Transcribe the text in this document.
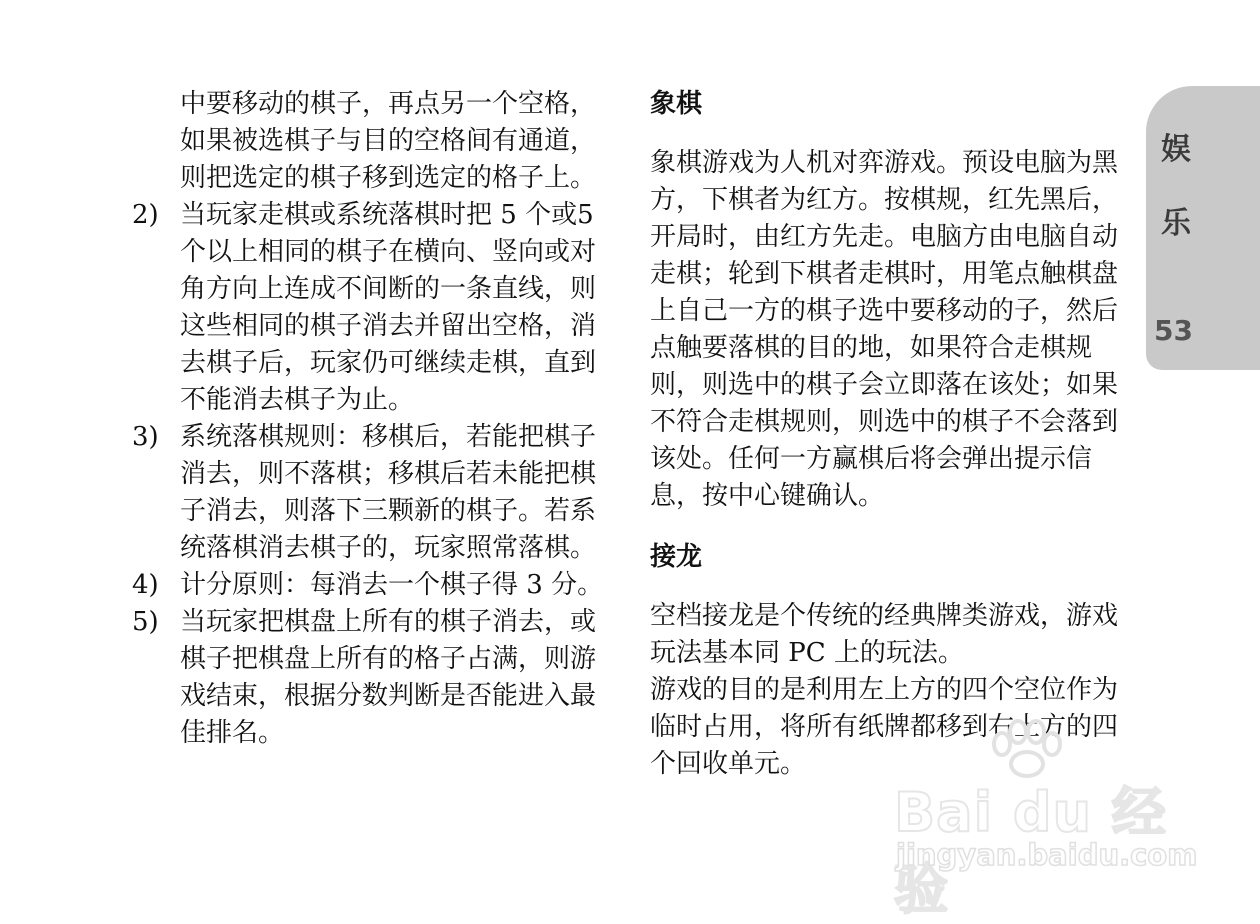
中要移动的棋子，再点另一个空格，如果被选棋子与目的空格间有通道，则把选定的棋子移到选定的格子上。
2) 当玩家走棋或系统落棋时把 5 个或5 个以上相同的棋子在横向、竖向或对角方向上连成不间断的一条直线，则这些相同的棋子消去并留出空格，消去棋子后，玩家仍可继续走棋，直到不能消去棋子为止。
3) 系统落棋规则：移棋后，若能把棋子消去，则不落棋；移棋后若未能把棋子消去，则落下三颗新的棋子。若系统落棋消去棋子的，玩家照常落棋。
4) 计分原则：每消去一个棋子得 3 分。
5) 当玩家把棋盘上所有的棋子消去，或棋子把棋盘上所有的格子占满，则游戏结束，根据分数判断是否能进入最佳排名。
象棋
象棋游戏为人机对弈游戏。预设电脑为黑方，下棋者为红方。按棋规，红先黑后，开局时，由红方先走。电脑方由电脑自动走棋；轮到下棋者走棋时，用笔点触棋盘上自己一方的棋子选中要移动的子，然后点触要落棋的目的地，如果符合走棋规则，则选中的棋子会立即落在该处；如果不符合走棋规则，则选中的棋子不会落到该处。任何一方赢棋后将会弹出提示信息，按中心键确认。
接龙
空档接龙是个传统的经典牌类游戏，游戏玩法基本同 PC 上的玩法。
游戏的目的是利用左上方的四个空位作为临时占用，将所有纸牌都移到右上方的四个回收单元。
娱
乐
53
Bai du 经验
jingyan.baidu.com
